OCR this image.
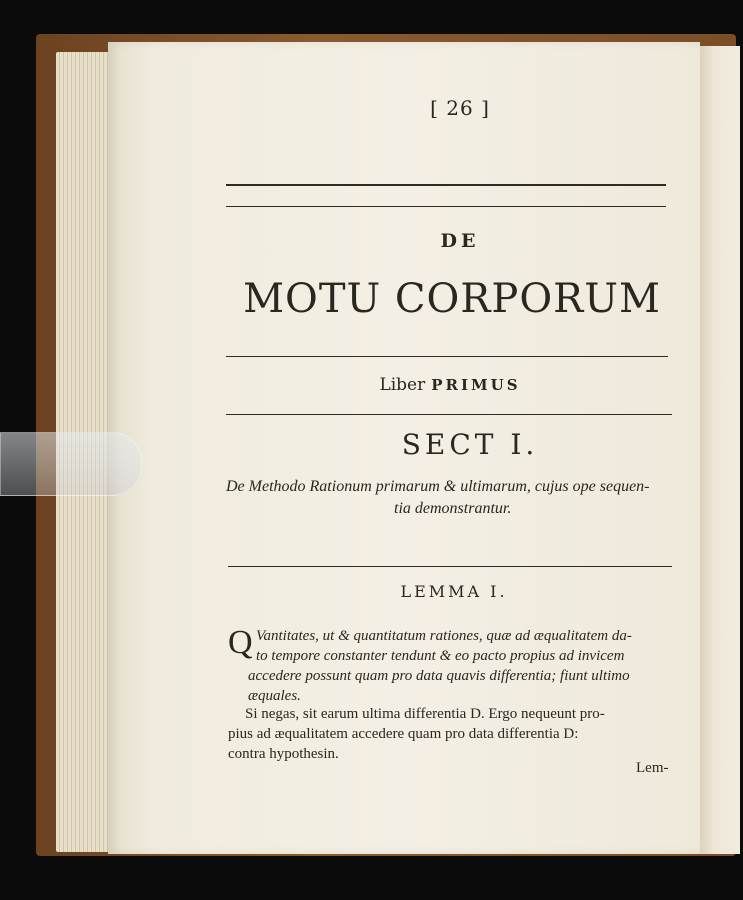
[ 26 ]
DE
MOTU CORPORUM
Liber PRIMUS
SECT I.
De Methodo Rationum primarum & ultimarum, cujus ope sequen-
tia demonstrantur.
LEMMA I.
Q Vantitates, ut & quantitatum rationes, quæ ad æqualitatem da-
to tempore constanter tendunt & eo pacto propius ad invicem
accedere possunt quam pro data quavis differentia; fiunt ultimo
æquales.
Si negas, sit earum ultima differentia D. Ergo nequeunt pro-
pius ad æqualitatem accedere quam pro data differentia D:
contra hypothesin.
Lem-
